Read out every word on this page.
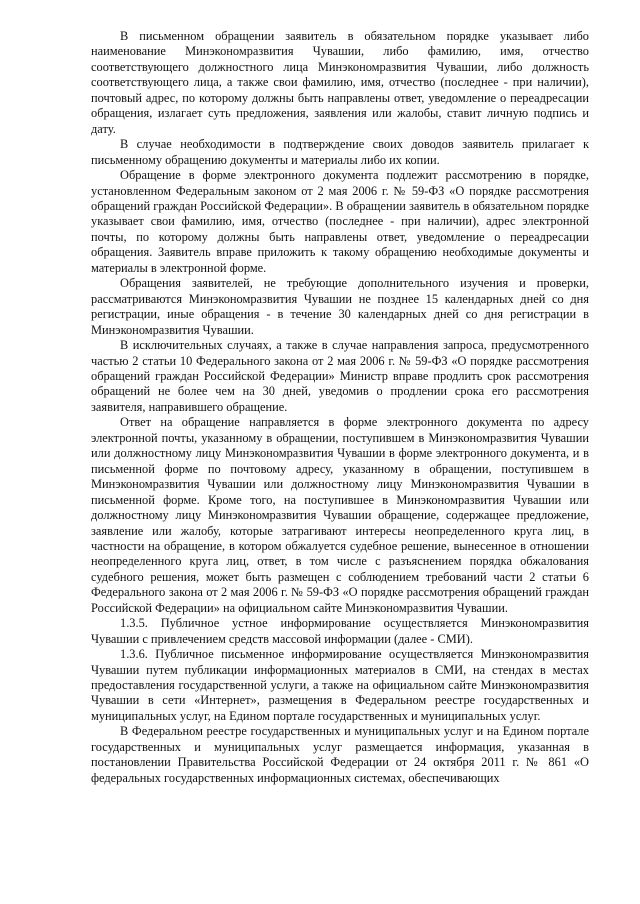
В письменном обращении заявитель в обязательном порядке указывает либо наименование Минэкономразвития Чувашии, либо фамилию, имя, отчество соответствующего должностного лица Минэкономразвития Чувашии, либо должность соответствующего лица, а также свои фамилию, имя, отчество (последнее - при наличии), почтовый адрес, по которому должны быть направлены ответ, уведомление о переадресации обращения, излагает суть предложения, заявления или жалобы, ставит личную подпись и дату.

В случае необходимости в подтверждение своих доводов заявитель прилагает к письменному обращению документы и материалы либо их копии.

Обращение в форме электронного документа подлежит рассмотрению в порядке, установленном Федеральным законом от 2 мая 2006 г. № 59-ФЗ «О порядке рассмотрения обращений граждан Российской Федерации». В обращении заявитель в обязательном порядке указывает свои фамилию, имя, отчество (последнее - при наличии), адрес электронной почты, по которому должны быть направлены ответ, уведомление о переадресации обращения. Заявитель вправе приложить к такому обращению необходимые документы и материалы в электронной форме.

Обращения заявителей, не требующие дополнительного изучения и проверки, рассматриваются Минэкономразвития Чувашии не позднее 15 календарных дней со дня регистрации, иные обращения - в течение 30 календарных дней со дня регистрации в Минэкономразвития Чувашии.

В исключительных случаях, а также в случае направления запроса, предусмотренного частью 2 статьи 10 Федерального закона от 2 мая 2006 г. № 59-ФЗ «О порядке рассмотрения обращений граждан Российской Федерации» Министр вправе продлить срок рассмотрения обращений не более чем на 30 дней, уведомив о продлении срока его рассмотрения заявителя, направившего обращение.

Ответ на обращение направляется в форме электронного документа по адресу электронной почты, указанному в обращении, поступившем в Минэкономразвития Чувашии или должностному лицу Минэкономразвития Чувашии в форме электронного документа, и в письменной форме по почтовому адресу, указанному в обращении, поступившем в Минэкономразвития Чувашии или должностному лицу Минэкономразвития Чувашии в письменной форме. Кроме того, на поступившее в Минэкономразвития Чувашии или должностному лицу Минэкономразвития Чувашии обращение, содержащее предложение, заявление или жалобу, которые затрагивают интересы неопределенного круга лиц, в частности на обращение, в котором обжалуется судебное решение, вынесенное в отношении неопределенного круга лиц, ответ, в том числе с разъяснением порядка обжалования судебного решения, может быть размещен с соблюдением требований части 2 статьи 6 Федерального закона от 2 мая 2006 г. № 59-ФЗ «О порядке рассмотрения обращений граждан Российской Федерации» на официальном сайте Минэкономразвития Чувашии.

1.3.5. Публичное устное информирование осуществляется Минэкономразвития Чувашии с привлечением средств массовой информации (далее - СМИ).

1.3.6. Публичное письменное информирование осуществляется Минэкономразвития Чувашии путем публикации информационных материалов в СМИ, на стендах в местах предоставления государственной услуги, а также на официальном сайте Минэкономразвития Чувашии в сети «Интернет», размещения в Федеральном реестре государственных и муниципальных услуг, на Едином портале государственных и муниципальных услуг.

В Федеральном реестре государственных и муниципальных услуг и на Едином портале государственных и муниципальных услуг размещается информация, указанная в постановлении Правительства Российской Федерации от 24 октября 2011 г. № 861 «О федеральных государственных информационных системах, обеспечивающих
